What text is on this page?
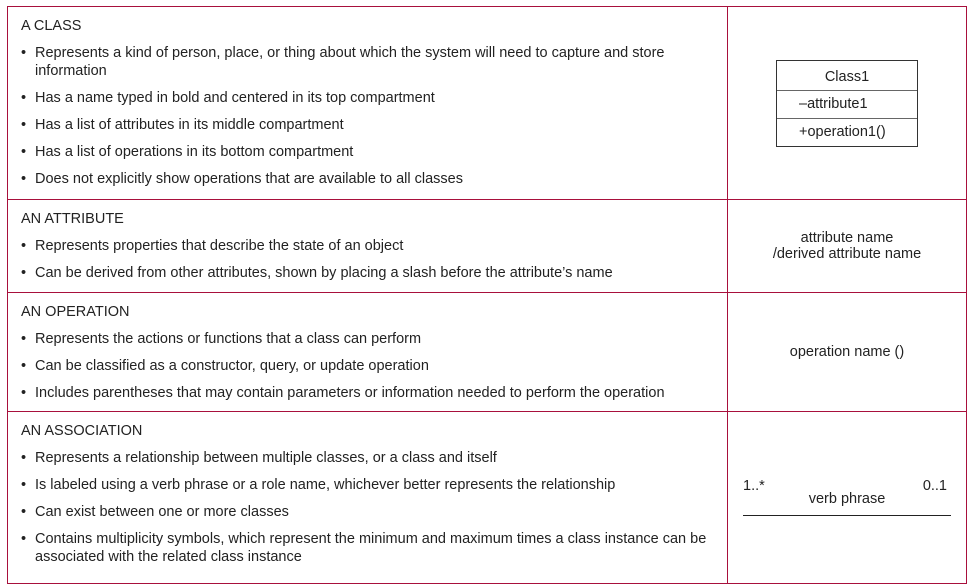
A CLASS
• Represents a kind of person, place, or thing about which the system will need to capture and store information
• Has a name typed in bold and centered in its top compartment
• Has a list of attributes in its middle compartment
• Has a list of operations in its bottom compartment
• Does not explicitly show operations that are available to all classes
Class1
–attribute1
+operation1()
AN ATTRIBUTE
• Represents properties that describe the state of an object
• Can be derived from other attributes, shown by placing a slash before the attribute’s name
attribute name
/derived attribute name
AN OPERATION
• Represents the actions or functions that a class can perform
• Can be classified as a constructor, query, or update operation
• Includes parentheses that may contain parameters or information needed to perform the operation
operation name ()
AN ASSOCIATION
• Represents a relationship between multiple classes, or a class and itself
• Is labeled using a verb phrase or a role name, whichever better represents the relationship
• Can exist between one or more classes
• Contains multiplicity symbols, which represent the minimum and maximum times a class instance can be associated with the related class instance
1..*	0..1
verb phrase
